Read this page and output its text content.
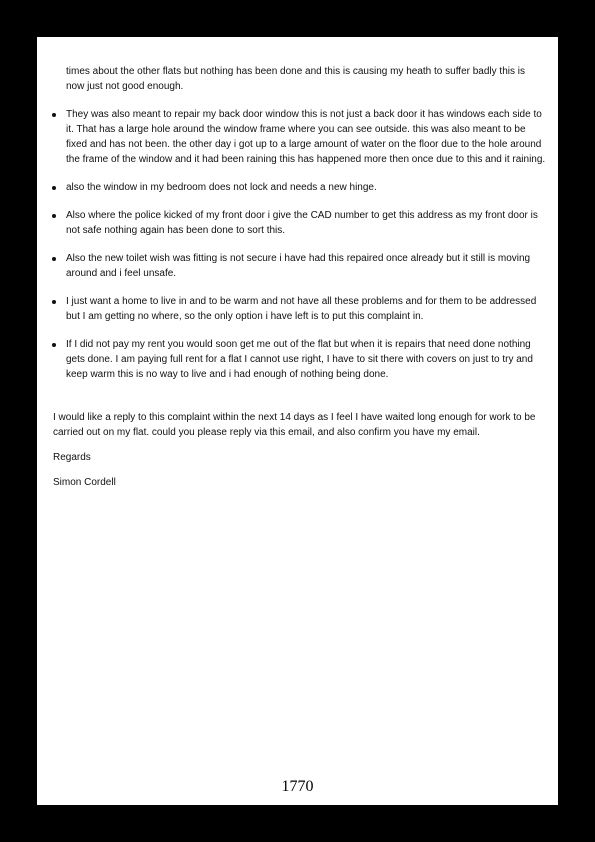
times about the other flats but nothing has been done and this is causing my heath to suffer badly this is now just not good enough.

They was also meant to repair my back door window this is not just a back door it has windows each side to it. That has a large hole around the window frame where you can see outside. this was also meant to be fixed and has not been. the other day i got up to a large amount of water on the floor due to the hole around the frame of the window and it had been raining this has happened more then once due to this and it raining.
also the window in my bedroom does not lock and needs a new hinge.
Also where the police kicked of my front door i give the CAD number to get this address as my front door is not safe nothing again has been done to sort this.
Also the new toilet wish was fitting is not secure i have had this repaired once already but it still is moving around and i feel unsafe.
I just want a home to live in and to be warm and not have all these problems and for them to be addressed but I am getting no where, so the only option i have left is to put this complaint in.
If I did not pay my rent you would soon get me out of the flat but when it is repairs that need done nothing gets done. I am paying full rent for a flat I cannot use right, I have to sit there with covers on just to try and keep warm this is no way to live and i had enough of nothing being done.

I would like a reply to this complaint within the next 14 days as I feel I have waited long enough for work to be carried out on my flat. could you please reply via this email, and also confirm you have my email.

Regards

Simon Cordell

1770
